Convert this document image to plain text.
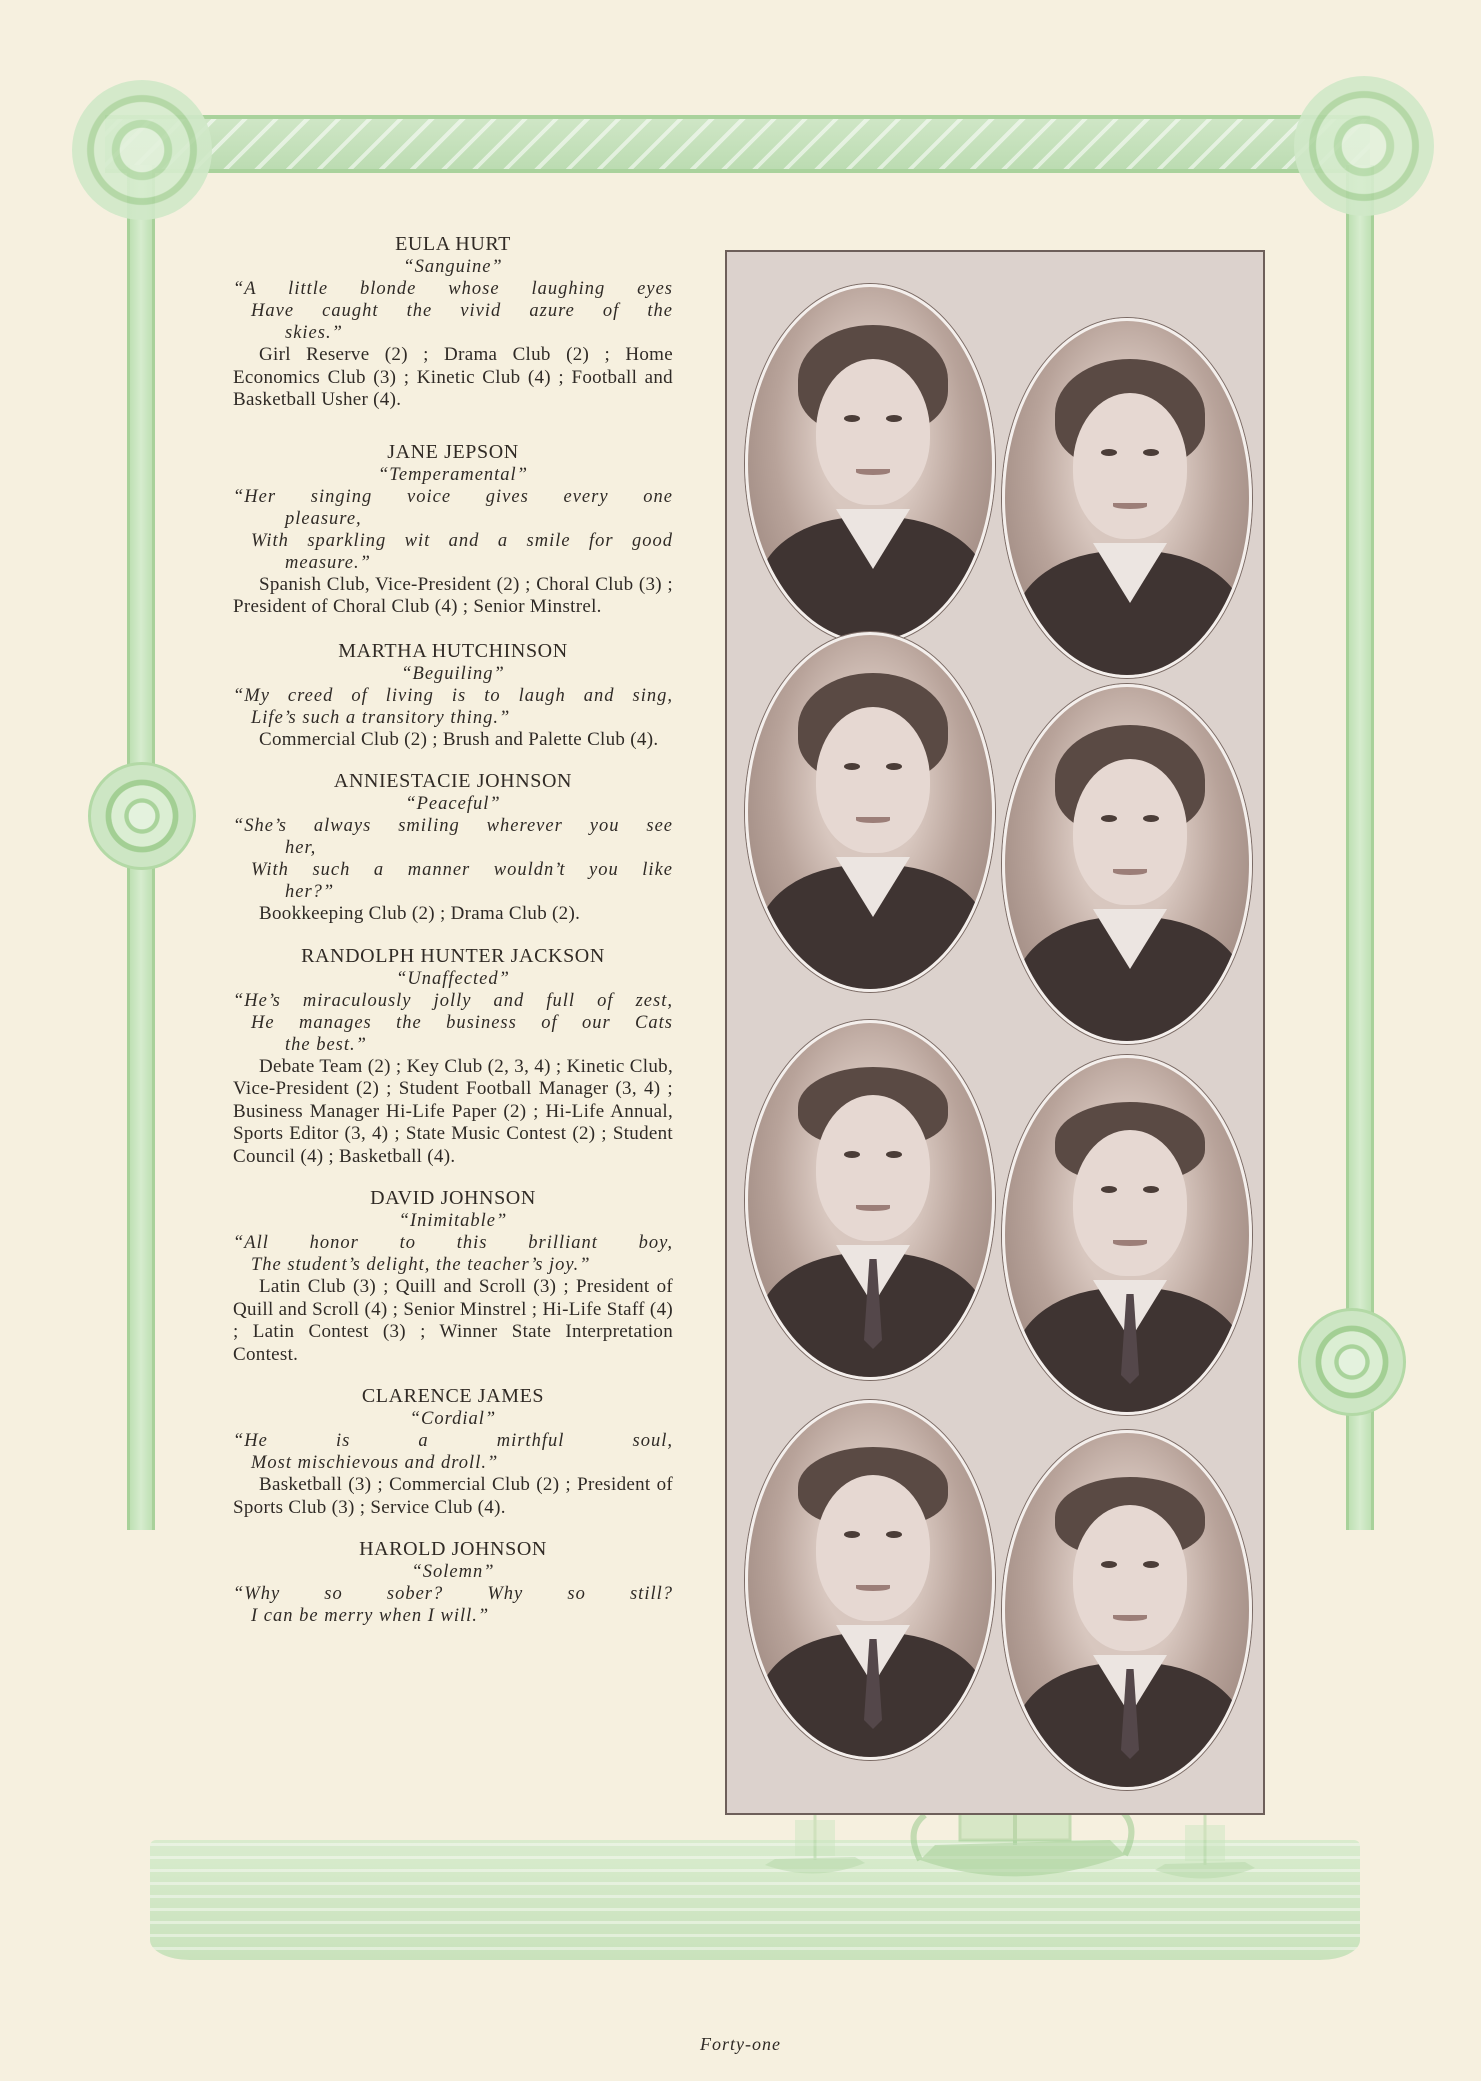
EULA HURT
“Sanguine”
“A little blonde whose laughing eyes
Have caught the vivid azure of the
skies.”

Girl Reserve (2) ; Drama Club (2) ; Home Economics Club (3) ; Kinetic Club (4) ; Football and Basketball Usher (4).

JANE JEPSON
“Temperamental”
“Her singing voice gives every one
pleasure,
With sparkling wit and a smile for good
measure.”

Spanish Club, Vice-President (2) ; Choral Club (3) ; President of Choral Club (4) ; Senior Minstrel.

MARTHA HUTCHINSON
“Beguiling”
“My creed of living is to laugh and sing,
Life’s such a transitory thing.”

Commercial Club (2) ; Brush and Palette Club (4).

ANNIESTACIE JOHNSON
“Peaceful”
“She’s always smiling wherever you see
her,
With such a manner wouldn’t you like
her?”

Bookkeeping Club (2) ; Drama Club (2).

RANDOLPH HUNTER JACKSON
“Unaffected”
“He’s miraculously jolly and full of zest,
He manages the business of our Cats
the best.”

Debate Team (2) ; Key Club (2, 3, 4) ; Kinetic Club, Vice-President (2) ; Student Football Manager (3, 4) ; Business Manager Hi-Life Paper (2) ; Hi-Life Annual, Sports Editor (3, 4) ; State Music Contest (2) ; Student Council (4) ; Basketball (4).

DAVID JOHNSON
“Inimitable”
“All honor to this brilliant boy,
The student’s delight, the teacher’s joy.”

Latin Club (3) ; Quill and Scroll (3) ; President of Quill and Scroll (4) ; Senior Minstrel ; Hi-Life Staff (4) ; Latin Contest (3) ; Winner State Interpretation Contest.

CLARENCE JAMES
“Cordial”
“He is a mirthful soul,
Most mischievous and droll.”

Basketball (3) ; Commercial Club (2) ; President of Sports Club (3) ; Service Club (4).

HAROLD JOHNSON
“Solemn”
“Why so sober? Why so still?
I can be merry when I will.”
Forty-one
